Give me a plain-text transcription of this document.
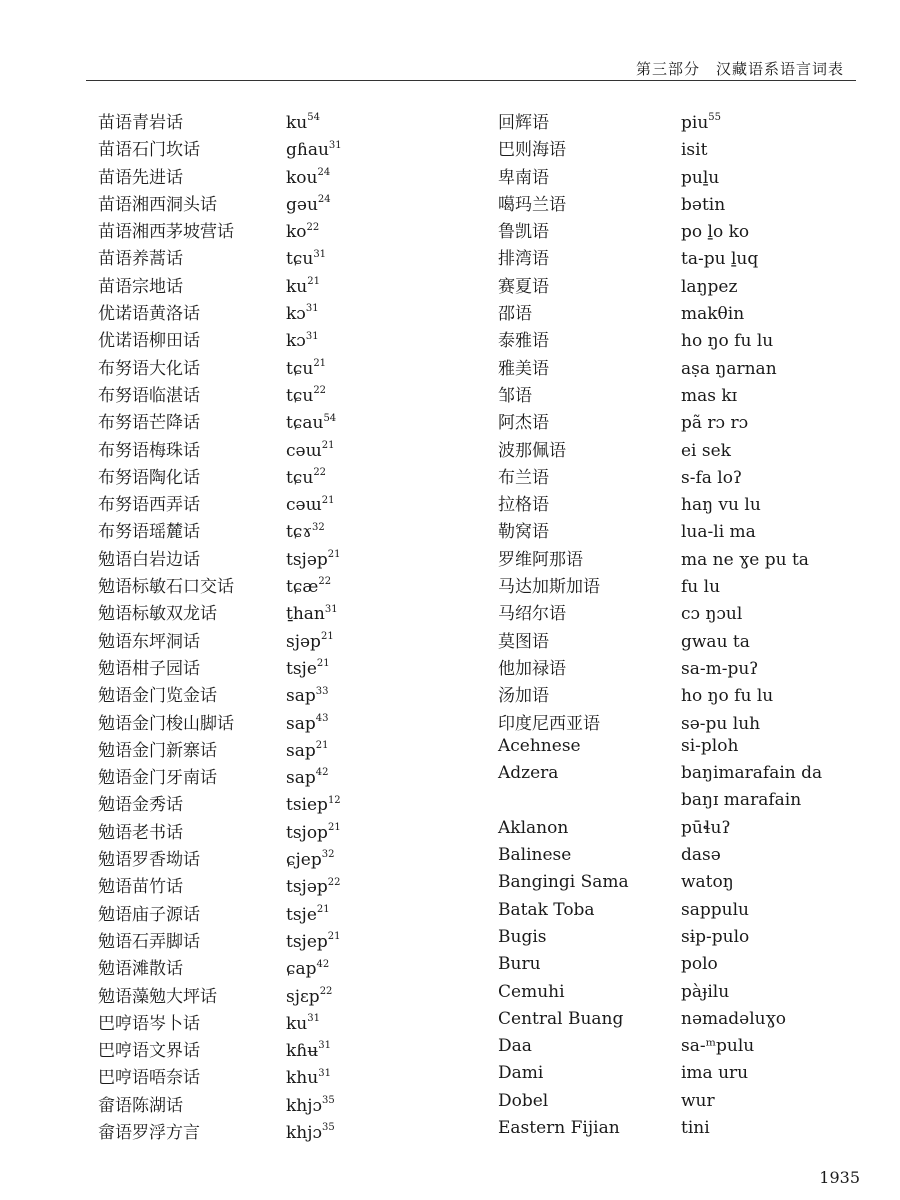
第三部分　汉藏语系语言词表
苗语青岩话	$ku^{54}$
苗语石门坎话	gɦau$^{31}$
苗语先进话	kou$^{24}$
苗语湘西洞头话	gəu$^{24}$
苗语湘西茅坡营话	$ko^{22}$
苗语养蒿话	tɕu$^{31}$
苗语宗地话	$ku^{21}$
优诺语黄洛话	kɔ$^{31}$
优诺语柳田话	kɔ$^{31}$
布努语大化话	tɕu$^{21}$
布努语临湛话	tɕu$^{22}$
布努语芒降话	tɕau$^{54}$
布努语梅珠话	cəɯ$^{21}$
布努语陶化话	tɕu$^{22}$
布努语西弄话	cəɯ$^{21}$
布努语瑶麓话	tɕɤ$^{32}$
勉语白岩边话	tsjəp$^{21}$
勉语标敏石口交话	tɕæ$^{22}$
勉语标敏双龙话	ṯhan$^{31}$
勉语东坪洞话	sjəp$^{21}$
勉语柑子园话	tsje$^{21}$
勉语金门览金话	sap$^{33}$
勉语金门梭山脚话	sap$^{43}$
勉语金门新寨话	sap$^{21}$
勉语金门牙南话	sap$^{42}$
勉语金秀话	tsiep$^{12}$
勉语老书话	tsjop$^{21}$
勉语罗香坳话	ɕjep$^{32}$
勉语苗竹话	tsjəp$^{22}$
勉语庙子源话	tsje$^{21}$
勉语石弄脚话	tsjep$^{21}$
勉语滩散话	ɕap$^{42}$
勉语藻勉大坪话	sjɛp$^{22}$
巴哼语岑卜话	$ku^{31}$
巴哼语文界话	kɦʉ$^{31}$
巴哼语唔奈话	khu$^{31}$
畲语陈湖话	khjɔ$^{35}$
畲语罗浮方言	khjɔ$^{35}$
回辉语	piu$^{55}$
巴则海语	isit
卑南语	puḻu
噶玛兰语	bətin
鲁凯语	po ḻo ko
排湾语	ta-pu ḻuq
赛夏语	laŋpez
邵语	makθin
泰雅语	ho ŋo fu lu
雅美语	aṣa ŋarnan
邹语	mas kɪ
阿杰语	pã rɔ rɔ
波那佩语	ei sek
布兰语	s-fa loʔ
拉格语	haŋ vu lu
勒窝语	lua-li ma
罗维阿那语	ma ne ɣe pu ta
马达加斯加语	fu lu
马绍尔语	cɔ ŋɔul
莫图语	gwau ta
他加禄语	sa-m-puʔ
汤加语	ho ŋo fu lu
印度尼西亚语	sə-pu luh
Acehnese	si-ploh
Adzera	baŋimarafain da
baŋɪ marafain
Aklanon	pūɬuʔ
Balinese	dasə
Bangingi Sama	watoŋ
Batak Toba	sappulu
Bugis	sɨp-pulo
Buru	polo
Cemuhi	pàɟilu
Central Buang	nəmadəluɣo
Daa	sa-ᵐpulu
Dami	ima uru
Dobel	wur
Eastern Fijian	tini
1935
